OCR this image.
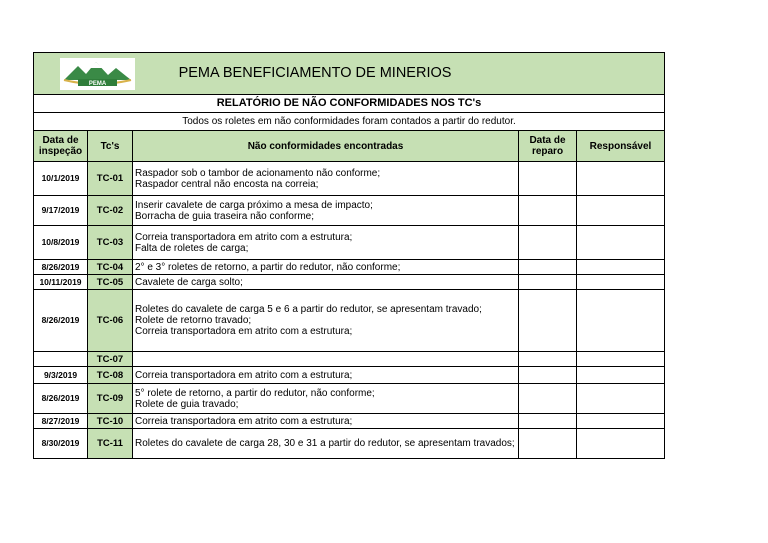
PEMA
PEMA BENEFICIAMENTO DE MINERIOS				
RELATÓRIO DE NÃO CONFORMIDADES NOS TC's				
Todos os roletes em não conformidades foram contados a partir do redutor.				
Data de inspeção	Tc's	Não conformidades encontradas	Data de reparo	Responsável
10/1/2019	TC-01	Raspador sob o tambor de acionamento não conforme;
Raspador central não encosta na correia;		

9/17/2019	TC-02	Inserir cavalete de carga próximo a mesa de impacto;
Borracha de guia traseira não conforme;		

10/8/2019	TC-03	Correia transportadora em atrito com a estrutura;
Falta de roletes de carga;		

8/26/2019	TC-04	2° e 3° roletes de retorno, a partir do redutor, não conforme;		

10/11/2019	TC-05	Cavalete de carga solto;		

8/26/2019	TC-06	Roletes do cavalete de carga 5 e 6 a partir do redutor, se apresentam travado;
Rolete de retorno travado;
Correia transportadora em atrito com a estrutura;		

	TC-07			
9/3/2019	TC-08	Correia transportadora em atrito com a estrutura;		

8/26/2019	TC-09	5° rolete de retorno, a partir do redutor, não conforme;
Rolete de guia travado;		

8/27/2019	TC-10	Correia transportadora em atrito com a estrutura;		

8/30/2019	TC-11	Roletes do cavalete de carga 28, 30 e 31 a partir do redutor, se apresentam travados;		
